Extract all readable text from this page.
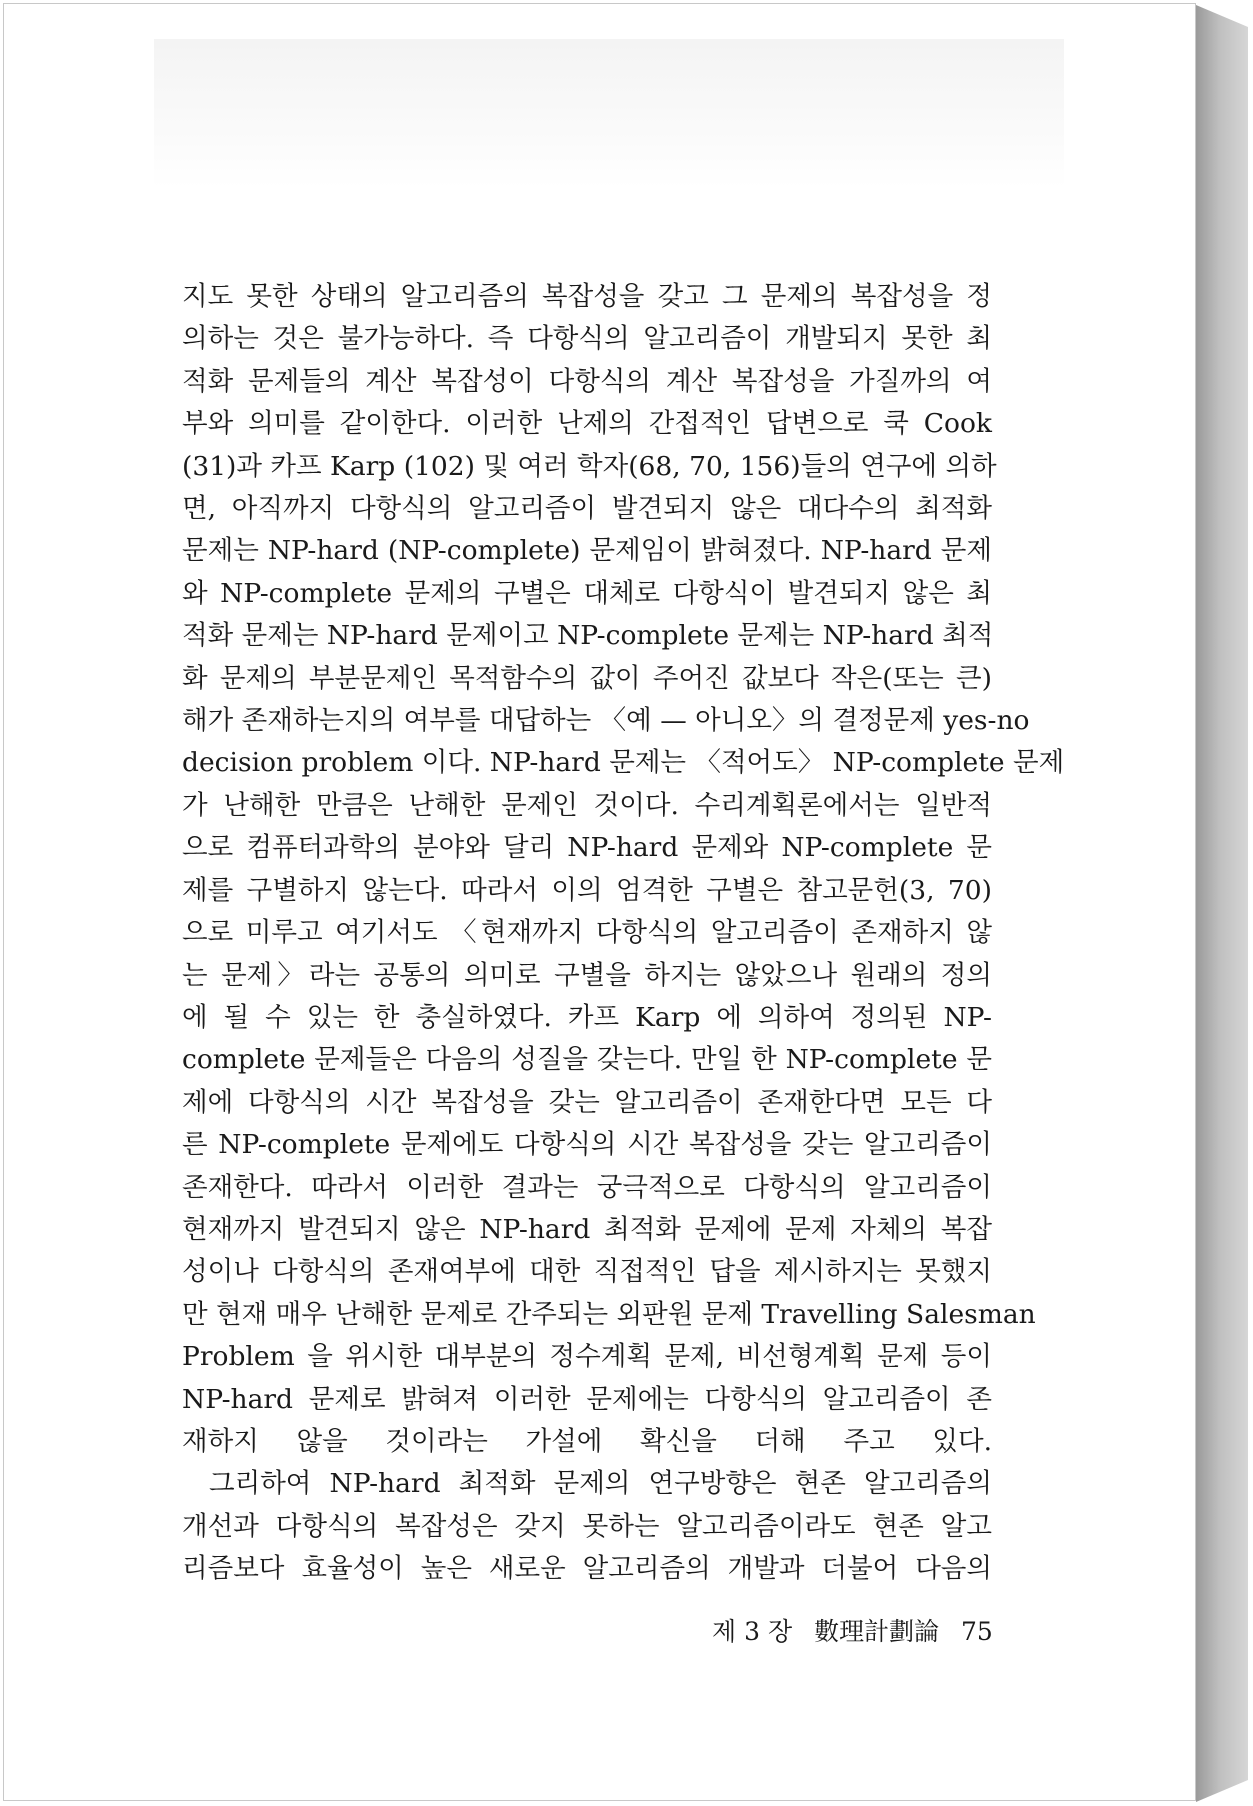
지도 못한 상태의 알고리즘의 복잡성을 갖고 그 문제의 복잡성을 정
의하는 것은 불가능하다. 즉 다항식의 알고리즘이 개발되지 못한 최
적화 문제들의 계산 복잡성이 다항식의 계산 복잡성을 가질까의 여
부와 의미를 같이한다. 이러한 난제의 간접적인 답변으로 쿡 Cook
(31)과 카프 Karp (102) 및 여러 학자(68, 70, 156)들의 연구에 의하
면, 아직까지 다항식의 알고리즘이 발견되지 않은 대다수의 최적화
문제는 NP-hard (NP-complete) 문제임이 밝혀졌다. NP-hard 문제
와 NP-complete 문제의 구별은 대체로 다항식이 발견되지 않은 최
적화 문제는 NP-hard 문제이고 NP-complete 문제는 NP-hard 최적
화 문제의 부분문제인 목적함수의 값이 주어진 값보다 작은(또는 큰)
해가 존재하는지의 여부를 대답하는 〈예 — 아니오〉의 결정문제 yes-no
decision problem 이다. NP-hard 문제는 〈적어도〉 NP-complete 문제
가 난해한 만큼은 난해한 문제인 것이다. 수리계획론에서는 일반적
으로 컴퓨터과학의 분야와 달리 NP-hard 문제와 NP-complete 문
제를 구별하지 않는다. 따라서 이의 엄격한 구별은 참고문헌(3, 70)
으로 미루고 여기서도 〈현재까지 다항식의 알고리즘이 존재하지 않
는 문제〉라는 공통의 의미로 구별을 하지는 않았으나 원래의 정의
에 될 수 있는 한 충실하였다. 카프 Karp 에 의하여 정의된 NP-
complete 문제들은 다음의 성질을 갖는다. 만일 한 NP-complete 문
제에 다항식의 시간 복잡성을 갖는 알고리즘이 존재한다면 모든 다
른 NP-complete 문제에도 다항식의 시간 복잡성을 갖는 알고리즘이
존재한다. 따라서 이러한 결과는 궁극적으로 다항식의 알고리즘이
현재까지 발견되지 않은 NP-hard 최적화 문제에 문제 자체의 복잡
성이나 다항식의 존재여부에 대한 직접적인 답을 제시하지는 못했지
만 현재 매우 난해한 문제로 간주되는 외판원 문제 Travelling Salesman
Problem 을 위시한 대부분의 정수계획 문제, 비선형계획 문제 등이
NP-hard 문제로 밝혀져 이러한 문제에는 다항식의 알고리즘이 존
재하지 않을 것이라는 가설에 확신을 더해 주고 있다.
그리하여 NP-hard 최적화 문제의 연구방향은 현존 알고리즘의
개선과 다항식의 복잡성은 갖지 못하는 알고리즘이라도 현존 알고
리즘보다 효율성이 높은 새로운 알고리즘의 개발과 더불어 다음의
제 3 장 數理計劃論 75
